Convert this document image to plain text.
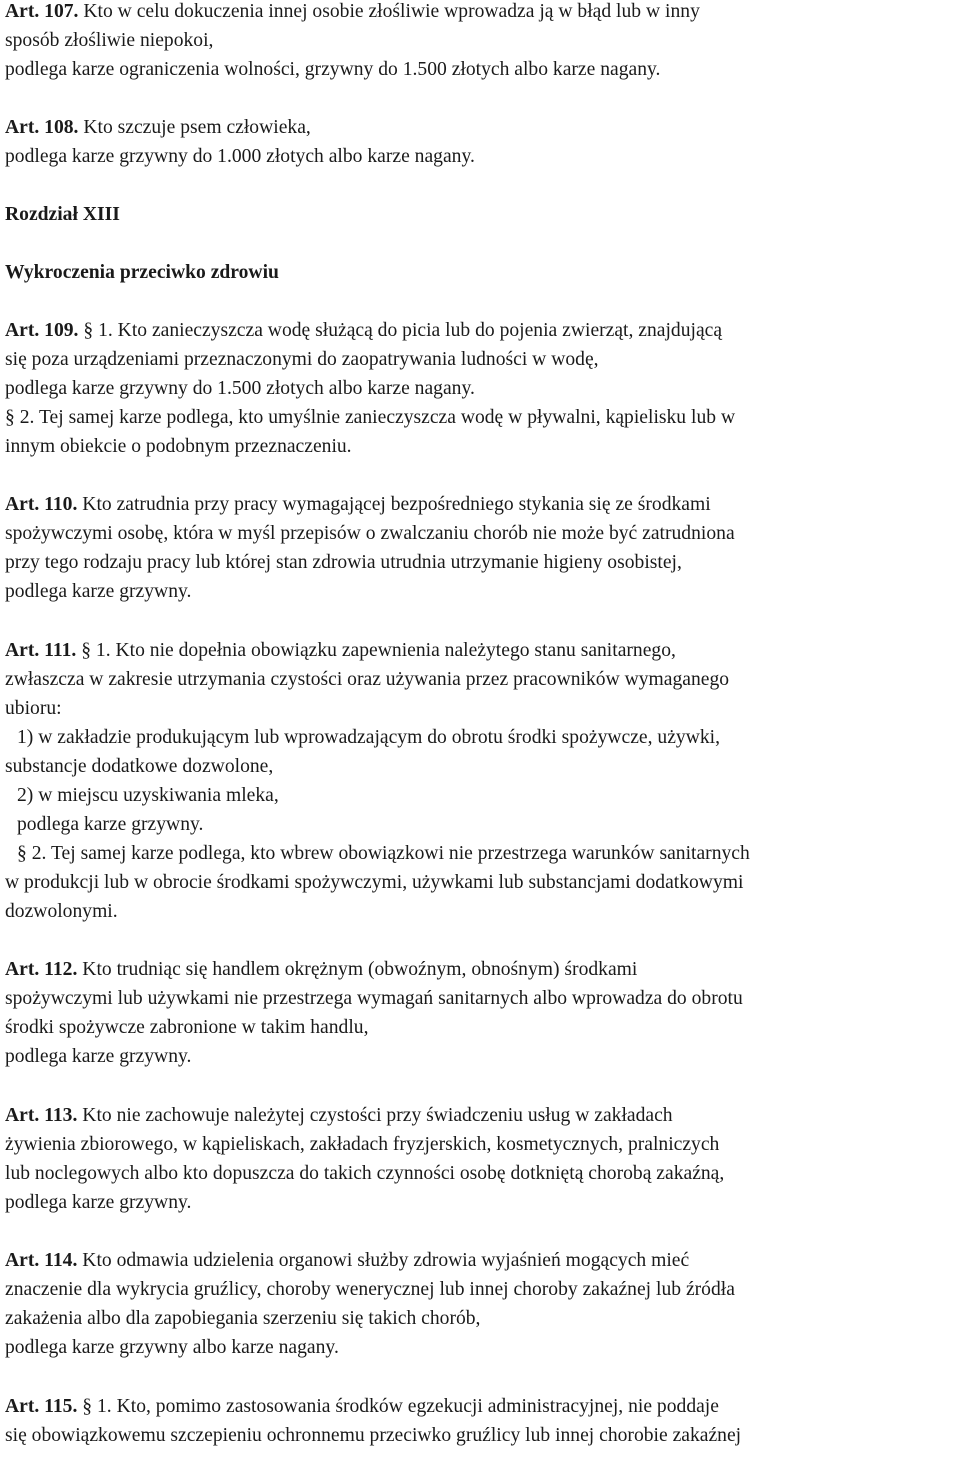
Art. 107. Kto w celu dokuczenia innej osobie złośliwie wprowadza ją w błąd lub w inny
sposób złośliwie niepokoi,
podlega karze ograniczenia wolności, grzywny do 1.500 złotych albo karze nagany.
Art. 108. Kto szczuje psem człowieka,
podlega karze grzywny do 1.000 złotych albo karze nagany.
Rozdział XIII
Wykroczenia przeciwko zdrowiu
Art. 109. § 1. Kto zanieczyszcza wodę służącą do picia lub do pojenia zwierząt, znajdującą
się poza urządzeniami przeznaczonymi do zaopatrywania ludności w wodę,
podlega karze grzywny do 1.500 złotych albo karze nagany.
§ 2. Tej samej karze podlega, kto umyślnie zanieczyszcza wodę w pływalni, kąpielisku lub w
innym obiekcie o podobnym przeznaczeniu.
Art. 110. Kto zatrudnia przy pracy wymagającej bezpośredniego stykania się ze środkami
spożywczymi osobę, która w myśl przepisów o zwalczaniu chorób nie może być zatrudniona
przy tego rodzaju pracy lub której stan zdrowia utrudnia utrzymanie higieny osobistej,
podlega karze grzywny.
Art. 111. § 1. Kto nie dopełnia obowiązku zapewnienia należytego stanu sanitarnego,
zwłaszcza w zakresie utrzymania czystości oraz używania przez pracowników wymaganego
ubioru:
1) w zakładzie produkującym lub wprowadzającym do obrotu środki spożywcze, używki,
substancje dodatkowe dozwolone,
2) w miejscu uzyskiwania mleka,
podlega karze grzywny.
§ 2. Tej samej karze podlega, kto wbrew obowiązkowi nie przestrzega warunków sanitarnych
w produkcji lub w obrocie środkami spożywczymi, używkami lub substancjami dodatkowymi
dozwolonymi.
Art. 112. Kto trudniąc się handlem okrężnym (obwoźnym, obnośnym) środkami
spożywczymi lub używkami nie przestrzega wymagań sanitarnych albo wprowadza do obrotu
środki spożywcze zabronione w takim handlu,
podlega karze grzywny.
Art. 113. Kto nie zachowuje należytej czystości przy świadczeniu usług w zakładach
żywienia zbiorowego, w kąpieliskach, zakładach fryzjerskich, kosmetycznych, pralniczych
lub noclegowych albo kto dopuszcza do takich czynności osobę dotkniętą chorobą zakaźną,
podlega karze grzywny.
Art. 114. Kto odmawia udzielenia organowi służby zdrowia wyjaśnień mogących mieć
znaczenie dla wykrycia gruźlicy, choroby wenerycznej lub innej choroby zakaźnej lub źródła
zakażenia albo dla zapobiegania szerzeniu się takich chorób,
podlega karze grzywny albo karze nagany.
Art. 115. § 1. Kto, pomimo zastosowania środków egzekucji administracyjnej, nie poddaje
się obowiązkowemu szczepieniu ochronnemu przeciwko gruźlicy lub innej chorobie zakaźnej
